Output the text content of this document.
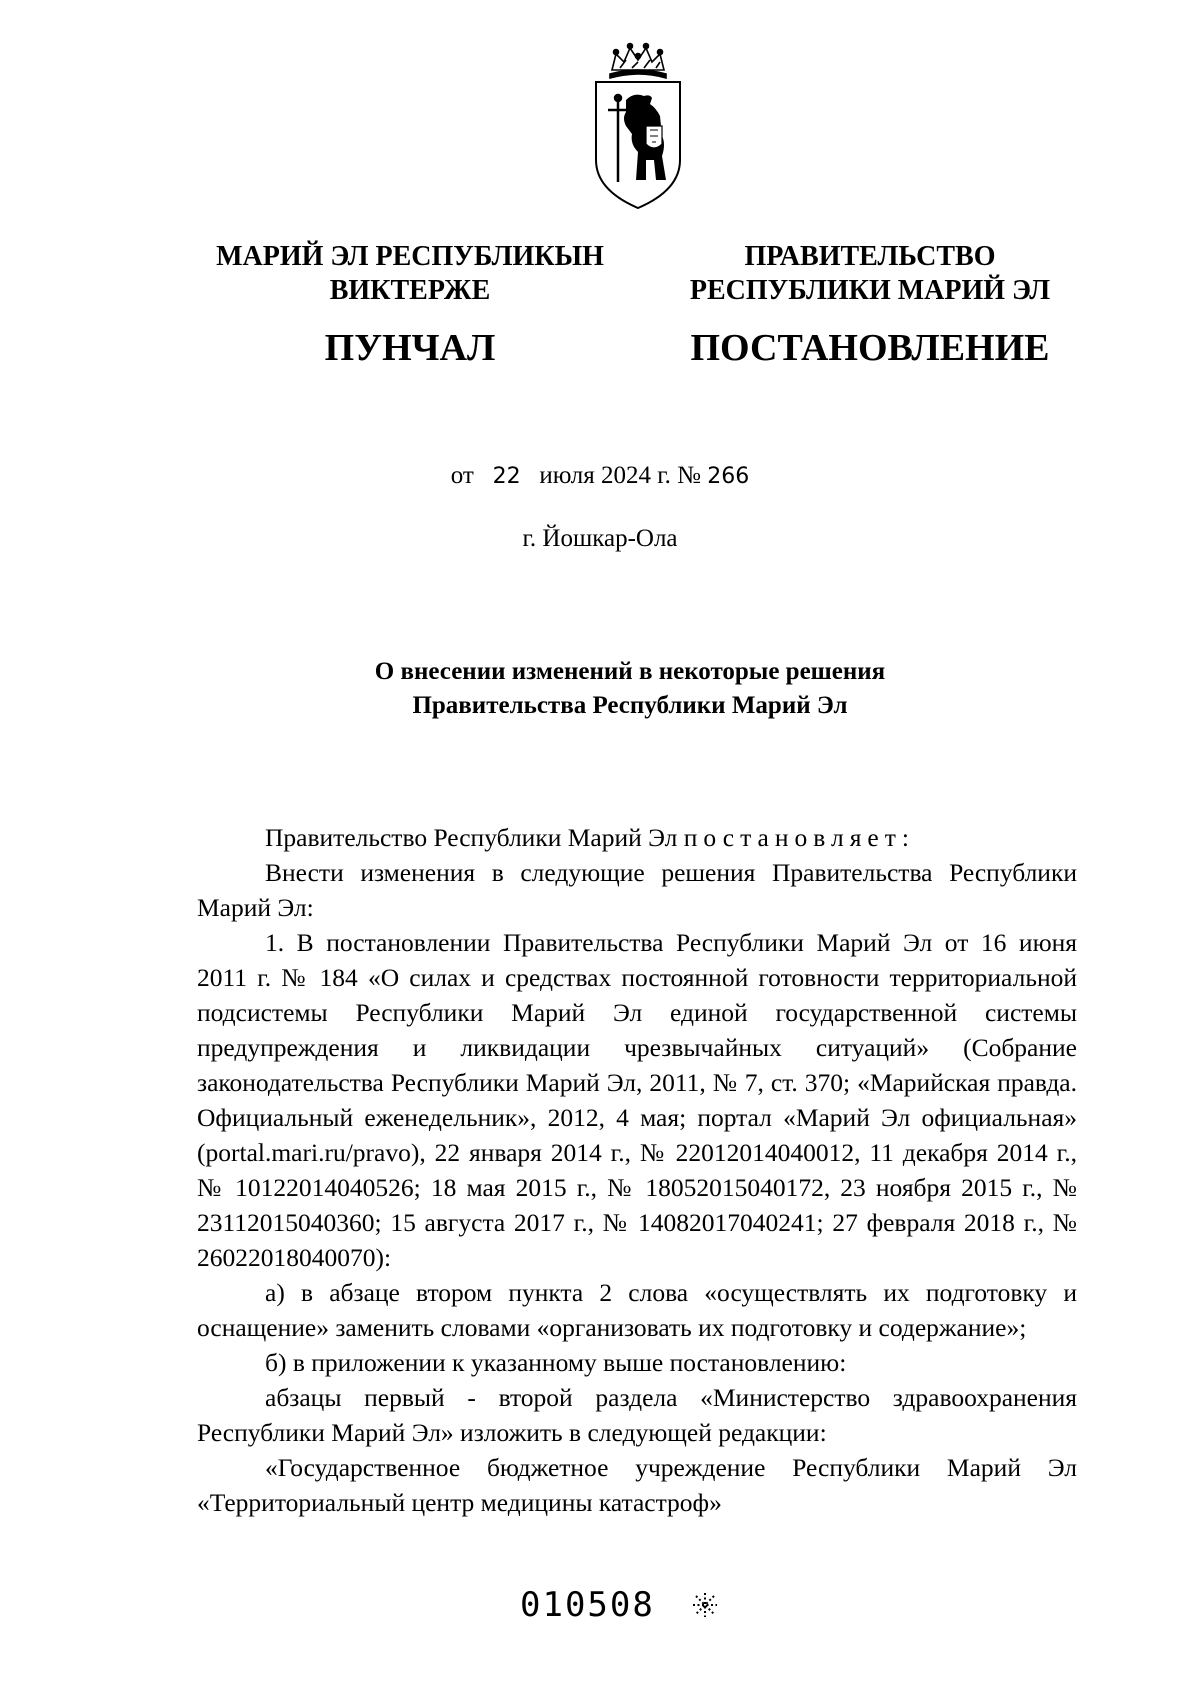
МАРИЙ ЭЛ РЕСПУБЛИКЫН
ВИКТЕРЖЕ
ПУНЧАЛ
ПРАВИТЕЛЬСТВО
РЕСПУБЛИКИ МАРИЙ ЭЛ
ПОСТАНОВЛЕНИЕ
от 22 июля 2024 г. № 266
г. Йошкар-Ола
О внесении изменений в некоторые решения
Правительства Республики Марий Эл

Правительство Республики Марий Эл постановляет:

Внести изменения в следующие решения Правительства Республики Марий Эл:

1. В постановлении Правительства Республики Марий Эл от 16 июня 2011 г. № 184 «О силах и средствах постоянной готовности территориальной подсистемы Республики Марий Эл единой государственной системы предупреждения и ликвидации чрезвычайных ситуаций» (Собрание законодательства Республики Марий Эл, 2011, № 7, ст. 370; «Марийская правда. Официальный еженедельник», 2012, 4 мая; портал «Марий Эл официальная» (portal.mari.ru/pravo), 22 января 2014 г., № 22012014040012, 11 декабря 2014 г., № 10122014040526; 18 мая 2015 г., № 18052015040172, 23 ноября 2015 г., № 23112015040360; 15 августа 2017 г., № 14082017040241; 27 февраля 2018 г., № 26022018040070):

а) в абзаце втором пункта 2 слова «осуществлять их подготовку и оснащение» заменить словами «организовать их подготовку и содержание»;

б) в приложении к указанному выше постановлению:

абзацы первый - второй раздела «Министерство здравоохранения Республики Марий Эл» изложить в следующей редакции:

«Государственное бюджетное учреждение Республики Марий Эл «Территориальный центр медицины катастроф»

010508
